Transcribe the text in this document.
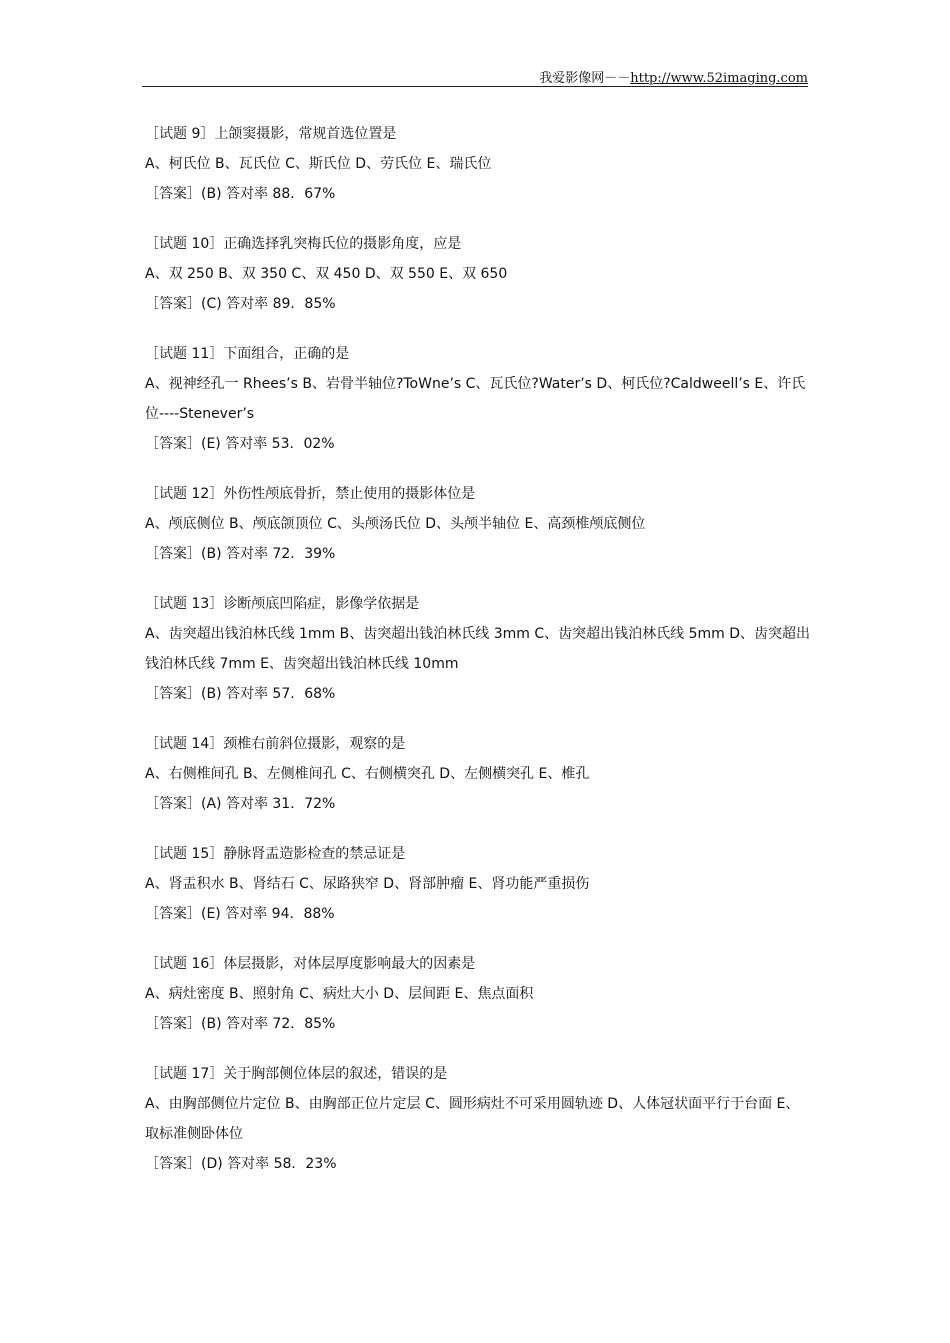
我爱影像网－－http://www.52imaging.com
［试题 9］上颌窦摄影，常规首选位置是
A、柯氏位 B、瓦氏位 C、斯氏位 D、劳氏位 E、瑞氏位
［答案］(B) 答对率 88．67%
［试题 10］正确选择乳突梅氏位的摄影角度，应是
A、双 250 B、双 350 C、双 450 D、双 550 E、双 650
［答案］(C) 答对率 89．85%
［试题 11］下面组合，正确的是
A、视神经孔一 Rhees’s B、岩骨半轴位?ToWne’s C、瓦氏位?Water’s D、柯氏位?Caldweell’s E、许氏位----Stenever’s
［答案］(E) 答对率 53．02%
［试题 12］外伤性颅底骨折，禁止使用的摄影体位是
A、颅底侧位 B、颅底颌顶位 C、头颅汤氏位 D、头颅半轴位 E、高颈椎颅底侧位
［答案］(B) 答对率 72．39%
［试题 13］诊断颅底凹陷症，影像学依据是
A、齿突超出钱泊林氏线 1mm B、齿突超出钱泊林氏线 3mm C、齿突超出钱泊林氏线 5mm D、齿突超出钱泊林氏线 7mm E、齿突超出钱泊林氏线 10mm
［答案］(B) 答对率 57．68%
［试题 14］颈椎右前斜位摄影，观察的是
A、右侧椎间孔 B、左侧椎间孔 C、右侧横突孔 D、左侧横突孔 E、椎孔
［答案］(A) 答对率 31．72%
［试题 15］静脉肾盂造影检查的禁忌证是
A、肾盂积水 B、肾结石 C、尿路狭窄 D、肾部肿瘤 E、肾功能严重损伤
［答案］(E) 答对率 94．88%
［试题 16］体层摄影，对体层厚度影响最大的因素是
A、病灶密度 B、照射角 C、病灶大小 D、层间距 E、焦点面积
［答案］(B) 答对率 72．85%
［试题 17］关于胸部侧位体层的叙述，错误的是
A、由胸部侧位片定位 B、由胸部正位片定层 C、圆形病灶不可采用圆轨迹 D、人体冠状面平行于台面 E、取标准侧卧体位
［答案］(D) 答对率 58．23%
